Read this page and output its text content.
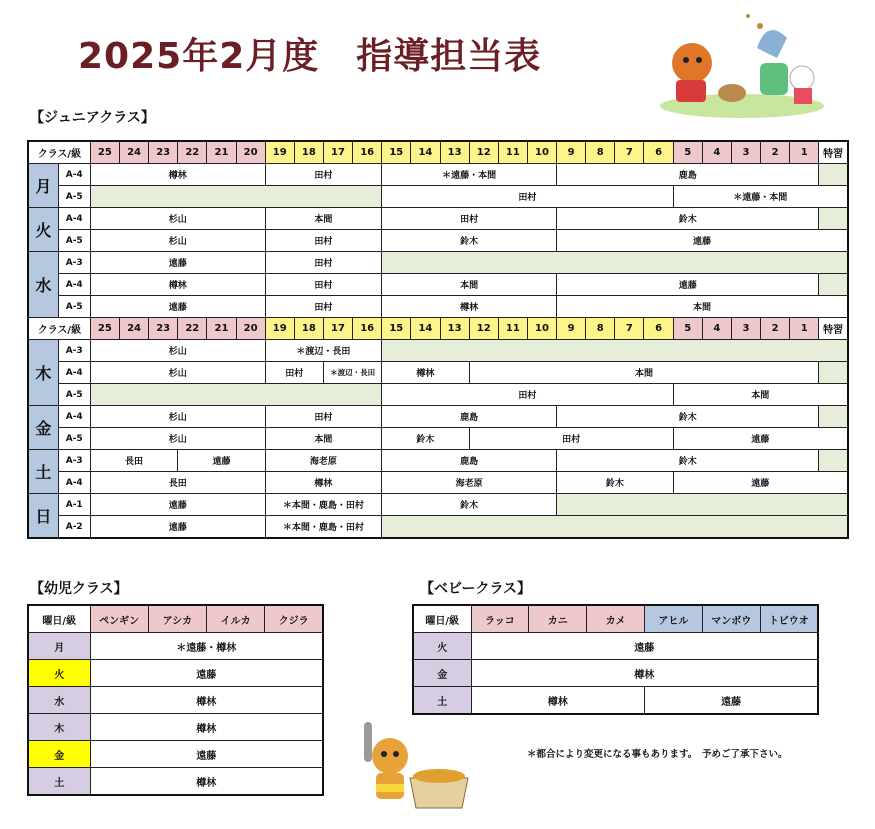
2025年2月度　指導担当表
【ジュニアクラス】
クラス/級		25	24	23	22	21	20	19	18	17	16	15	14	13	12	11	10	9	8	7	6	5	4	3	2	1	特習
月	A-4	樽林						田村				＊遠藤・本間						鹿島									
	A-5											田村										＊遠藤・本間					
火	A-4	杉山						本間				田村						鈴木									
	A-5	杉山						田村				鈴木						遠藤									
水	A-3	遠藤						田村																			
	A-4	樽林						田村				本間						遠藤									
	A-5	遠藤						田村				樽林						本間									
クラス/級		25	24	23	22	21	20	19	18	17	16	15	14	13	12	11	10	9	8	7	6	5	4	3	2	1	特習
木	A-3	杉山						＊渡辺・長田																			
	A-4	杉山						田村		＊渡辺・長田		樽林			本間												
	A-5											田村										本間					
金	A-4	杉山						田村				鹿島						鈴木									
	A-5	杉山						本間				鈴木			田村							遠藤					
土	A-3	長田			遠藤			海老原				鹿島						鈴木									
	A-4	長田						樽林				海老原						鈴木				遠藤					
日	A-1	遠藤						＊本間・鹿島・田村				鈴木															
	A-2	遠藤						＊本間・鹿島・田村																			
【幼児クラス】
曜日/級	ペンギン	アシカ	イルカ	クジラ
月	＊遠藤・樽林			
火	遠藤			
水	樽林			
木	樽林			
金	遠藤			
土	樽林			
【ベビークラス】
曜日/級	ラッコ	カニ	カメ	アヒル	マンボウ	トビウオ
火	遠藤					
金	樽林					
土	樽林			遠藤		
＊都合により変更になる事もあります。　予めご了承下さい。
